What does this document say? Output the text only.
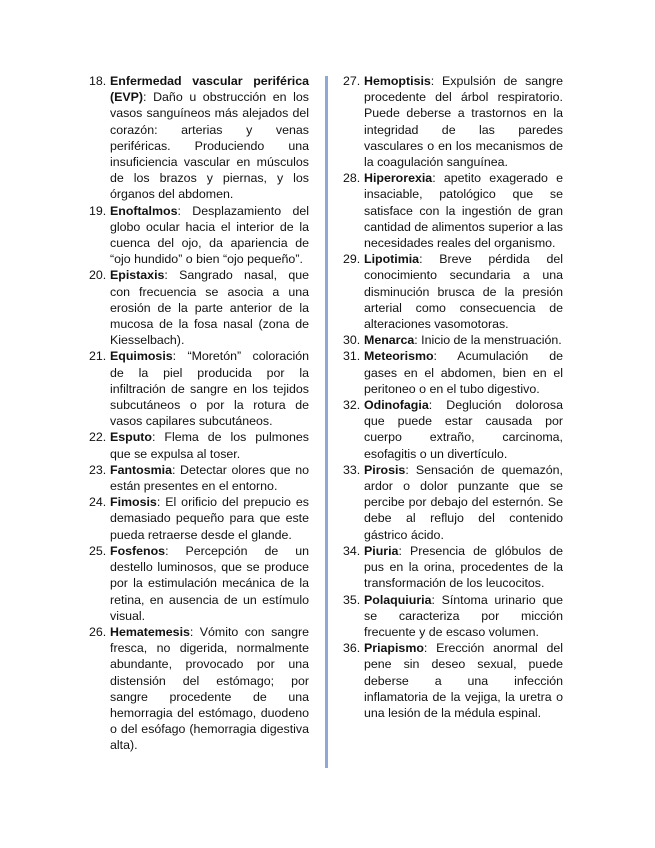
18. Enfermedad vascular periférica (EVP): Daño u obstrucción en los vasos sanguíneos más alejados del corazón: arterias y venas periféricas. Produciendo una insuficiencia vascular en músculos de los brazos y piernas, y los órganos del abdomen.
19. Enoftalmos: Desplazamiento del globo ocular hacia el interior de la cuenca del ojo, da apariencia de “ojo hundido” o bien “ojo pequeño”.
20. Epistaxis: Sangrado nasal, que con frecuencia se asocia a una erosión de la parte anterior de la mucosa de la fosa nasal (zona de Kiesselbach).
21. Equimosis: “Moretón” coloración de la piel producida por la infiltración de sangre en los tejidos subcutáneos o por la rotura de vasos capilares subcutáneos.
22. Esputo: Flema de los pulmones que se expulsa al toser.
23. Fantosmia: Detectar olores que no están presentes en el entorno.
24. Fimosis: El orificio del prepucio es demasiado pequeño para que este pueda retraerse desde el glande.
25. Fosfenos: Percepción de un destello luminosos, que se produce por la estimulación mecánica de la retina, en ausencia de un estímulo visual.
26. Hematemesis: Vómito con sangre fresca, no digerida, normalmente abundante, provocado por una distensión del estómago; por sangre procedente de una hemorragia del estómago, duodeno o del esófago (hemorragia digestiva alta).
27. Hemoptisis: Expulsión de sangre procedente del árbol respiratorio. Puede deberse a trastornos en la integridad de las paredes vasculares o en los mecanismos de la coagulación sanguínea.
28. Hiperorexia: apetito exagerado e insaciable, patológico que se satisface con la ingestión de gran cantidad de alimentos superior a las necesidades reales del organismo.
29. Lipotimia: Breve pérdida del conocimiento secundaria a una disminución brusca de la presión arterial como consecuencia de alteraciones vasomotoras.
30. Menarca: Inicio de la menstruación.
31. Meteorismo: Acumulación de gases en el abdomen, bien en el peritoneo o en el tubo digestivo.
32. Odinofagia: Deglución dolorosa que puede estar causada por cuerpo extraño, carcinoma, esofagitis o un divertículo.
33. Pirosis: Sensación de quemazón, ardor o dolor punzante que se percibe por debajo del esternón. Se debe al reflujo del contenido gástrico ácido.
34. Piuria: Presencia de glóbulos de pus en la orina, procedentes de la transformación de los leucocitos.
35. Polaquiuria: Síntoma urinario que se caracteriza por micción frecuente y de escaso volumen.
36. Priapismo: Erección anormal del pene sin deseo sexual, puede deberse a una infección inflamatoria de la vejiga, la uretra o una lesión de la médula espinal.
